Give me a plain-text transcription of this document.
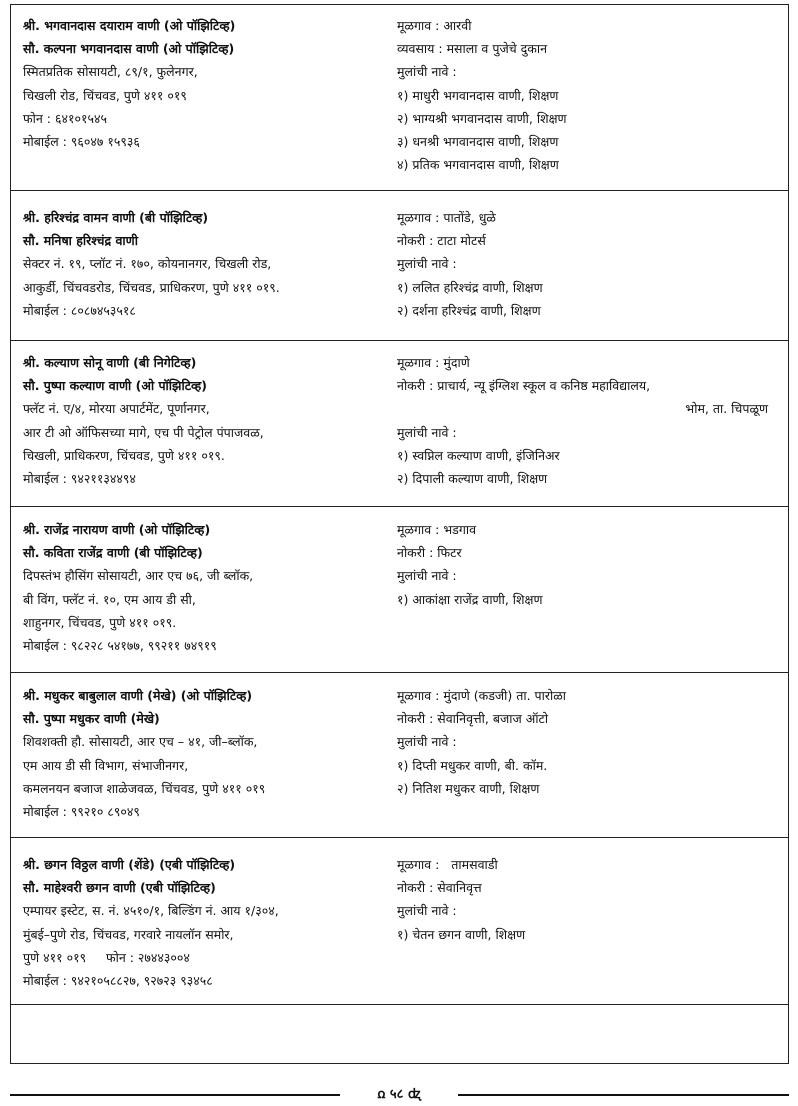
श्री. भगवानदास दयाराम वाणी (ओ पॉझिटिव्ह)
सौ. कल्पना भगवानदास वाणी (ओ पॉझिटिव्ह)
स्मितप्रतिक सोसायटी, ८९/१, फुलेनगर,
चिखली रोड, चिंचवड, पुणे ४११ ०१९
फोन : ६४१०१५४५
मोबाईल : ९६०४७ १५९३६
मूळगाव : आरवी
व्यवसाय : मसाला व पुजेचे दुकान
मुलांची नावे :
१) माधुरी भगवानदास वाणी, शिक्षण
२) भाग्यश्री भगवानदास वाणी, शिक्षण
३) धनश्री भगवानदास वाणी, शिक्षण
४) प्रतिक भगवानदास वाणी, शिक्षण
श्री. हरिश्चंद्र वामन वाणी (बी पॉझिटिव्ह)
सौ. मनिषा हरिश्चंद्र वाणी
सेक्टर नं. १९, प्लॉट नं. १७०, कोयनानगर, चिखली रोड,
आकुर्डी, चिंचवडरोड, चिंचवड, प्राधिकरण, पुणे ४११ ०१९.
मोबाईल : ८०८७४५३५१८
मूळगाव : पातोंडे, धुळे
नोकरी : टाटा मोटर्स
मुलांची नावे :
१) ललित हरिश्चंद्र वाणी, शिक्षण
२) दर्शना हरिश्चंद्र वाणी, शिक्षण
श्री. कल्याण सोनू वाणी (बी निगेटिव्ह)
सौ. पुष्पा कल्याण वाणी (ओ पॉझिटिव्ह)
फ्लॅट नं. ए/४, मोरया अपार्टमेंट, पूर्णानगर,
आर टी ओ ऑफिसच्या मागे, एच पी पेट्रोल पंपाजवळ,
चिखली, प्राधिकरण, चिंचवड, पुणे ४११ ०१९.
मोबाईल : ९४२११३४४९४
मूळगाव : मुंदाणे
नोकरी : प्राचार्य, न्यू इंग्लिश स्कूल व कनिष्ठ महाविद्यालय,
भोम, ता. चिपळूण
मुलांची नावे :
१) स्वप्निल कल्याण वाणी, इंजिनिअर
२) दिपाली कल्याण वाणी, शिक्षण
श्री. राजेंद्र नारायण वाणी (ओ पॉझिटिव्ह)
सौ. कविता राजेंद्र वाणी (बी पॉझिटिव्ह)
दिपस्तंभ हौसिंग सोसायटी, आर एच ७६, जी ब्लॉक,
बी विंग, फ्लॅट नं. १०, एम आय डी सी,
शाहुनगर, चिंचवड, पुणे ४११ ०१९.
मोबाईल : ९८२२८ ५४१७७, ९९२११ ७४९१९
मूळगाव : भडगाव
नोकरी : फिटर
मुलांची नावे :
१) आकांक्षा राजेंद्र वाणी, शिक्षण
श्री. मधुकर बाबुलाल वाणी (मेखे) (ओ पॉझिटिव्ह)
सौ. पुष्पा मधुकर वाणी (मेखे)
शिवशक्ती हौ. सोसायटी, आर एच – ४१, जी–ब्लॉक,
एम आय डी सी विभाग, संभाजीनगर,
कमलनयन बजाज शाळेजवळ, चिंचवड, पुणे ४११ ०१९
मोबाईल : ९९२१० ८९०४९
मूळगाव : मुंदाणे (कडजी) ता. पारोळा
नोकरी : सेवानिवृत्ती, बजाज ऑटो
मुलांची नावे :
१) दिप्ती मधुकर वाणी, बी. कॉम.
२) नितिश मधुकर वाणी, शिक्षण
श्री. छगन विठ्ठल वाणी (शेंडे) (एबी पॉझिटिव्ह)
सौ. माहेश्वरी छगन वाणी (एबी पॉझिटिव्ह)
एम्पायर इस्टेट, स. नं. ४५१०/१, बिल्डिंग नं. आय १/३०४,
मुंबई–पुणे रोड, चिंचवड, गरवारे नायलॉन समोर,
पुणे ४११ ०१९     फोन : २७४४३००४
मोबाईल : ९४२१०५८८२७, ९२७२३ ९३४५८
मूळगाव :   तामसवाडी
नोकरी : सेवानिवृत्त
मुलांची नावे :
१) चेतन छगन वाणी, शिक्षण
ꭥ ५८ ꭦ
